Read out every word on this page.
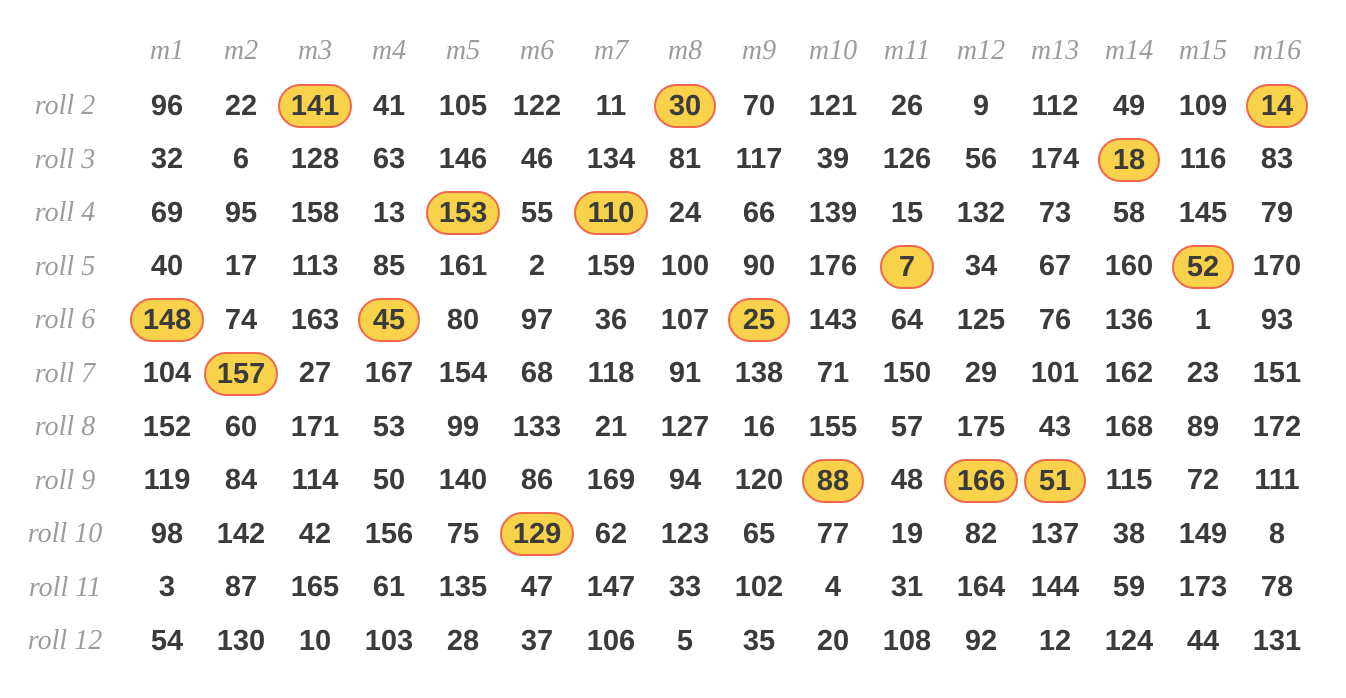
m1	m2	m3	m4	m5	m6	m7	m8	m9	m10 m11 m12 m13 m14 m15 m16
roll 2	96	22	141	41	105 122	11	30	70	121	26	9	112	49	109	14
roll 3	32	6	128	63	146	46	134	81	117	39	126	56	174	18	116	83
roll 4	69	95	158	13	153	55	110	24	66	139	15	132	73	58	145	79
roll 5	40	17	113	85	161	2	159 100	90	176	7	34	67	160	52	170
roll 6	148	74	163	45	80	97	36	107	25	143	64	125	76	136	1	93
roll 7	104 157	27	167 154	68	118	91	138	71	150	29	101 162	23	151
roll 8	152	60	171	53	99	133	21	127	16	155	57	175	43	168	89	172
roll 9	119	84	114	50	140	86	169	94	120	88	48	166	51	115	72	111
roll 10	98	142	42	156	75	129	62	123	65	77	19	82	137	38	149	8
roll 11	3	87	165	61	135	47	147	33	102	4	31	164 144	59	173	78
roll 12	54	130	10	103	28	37	106	5	35	20	108	92	12	124	44	131
